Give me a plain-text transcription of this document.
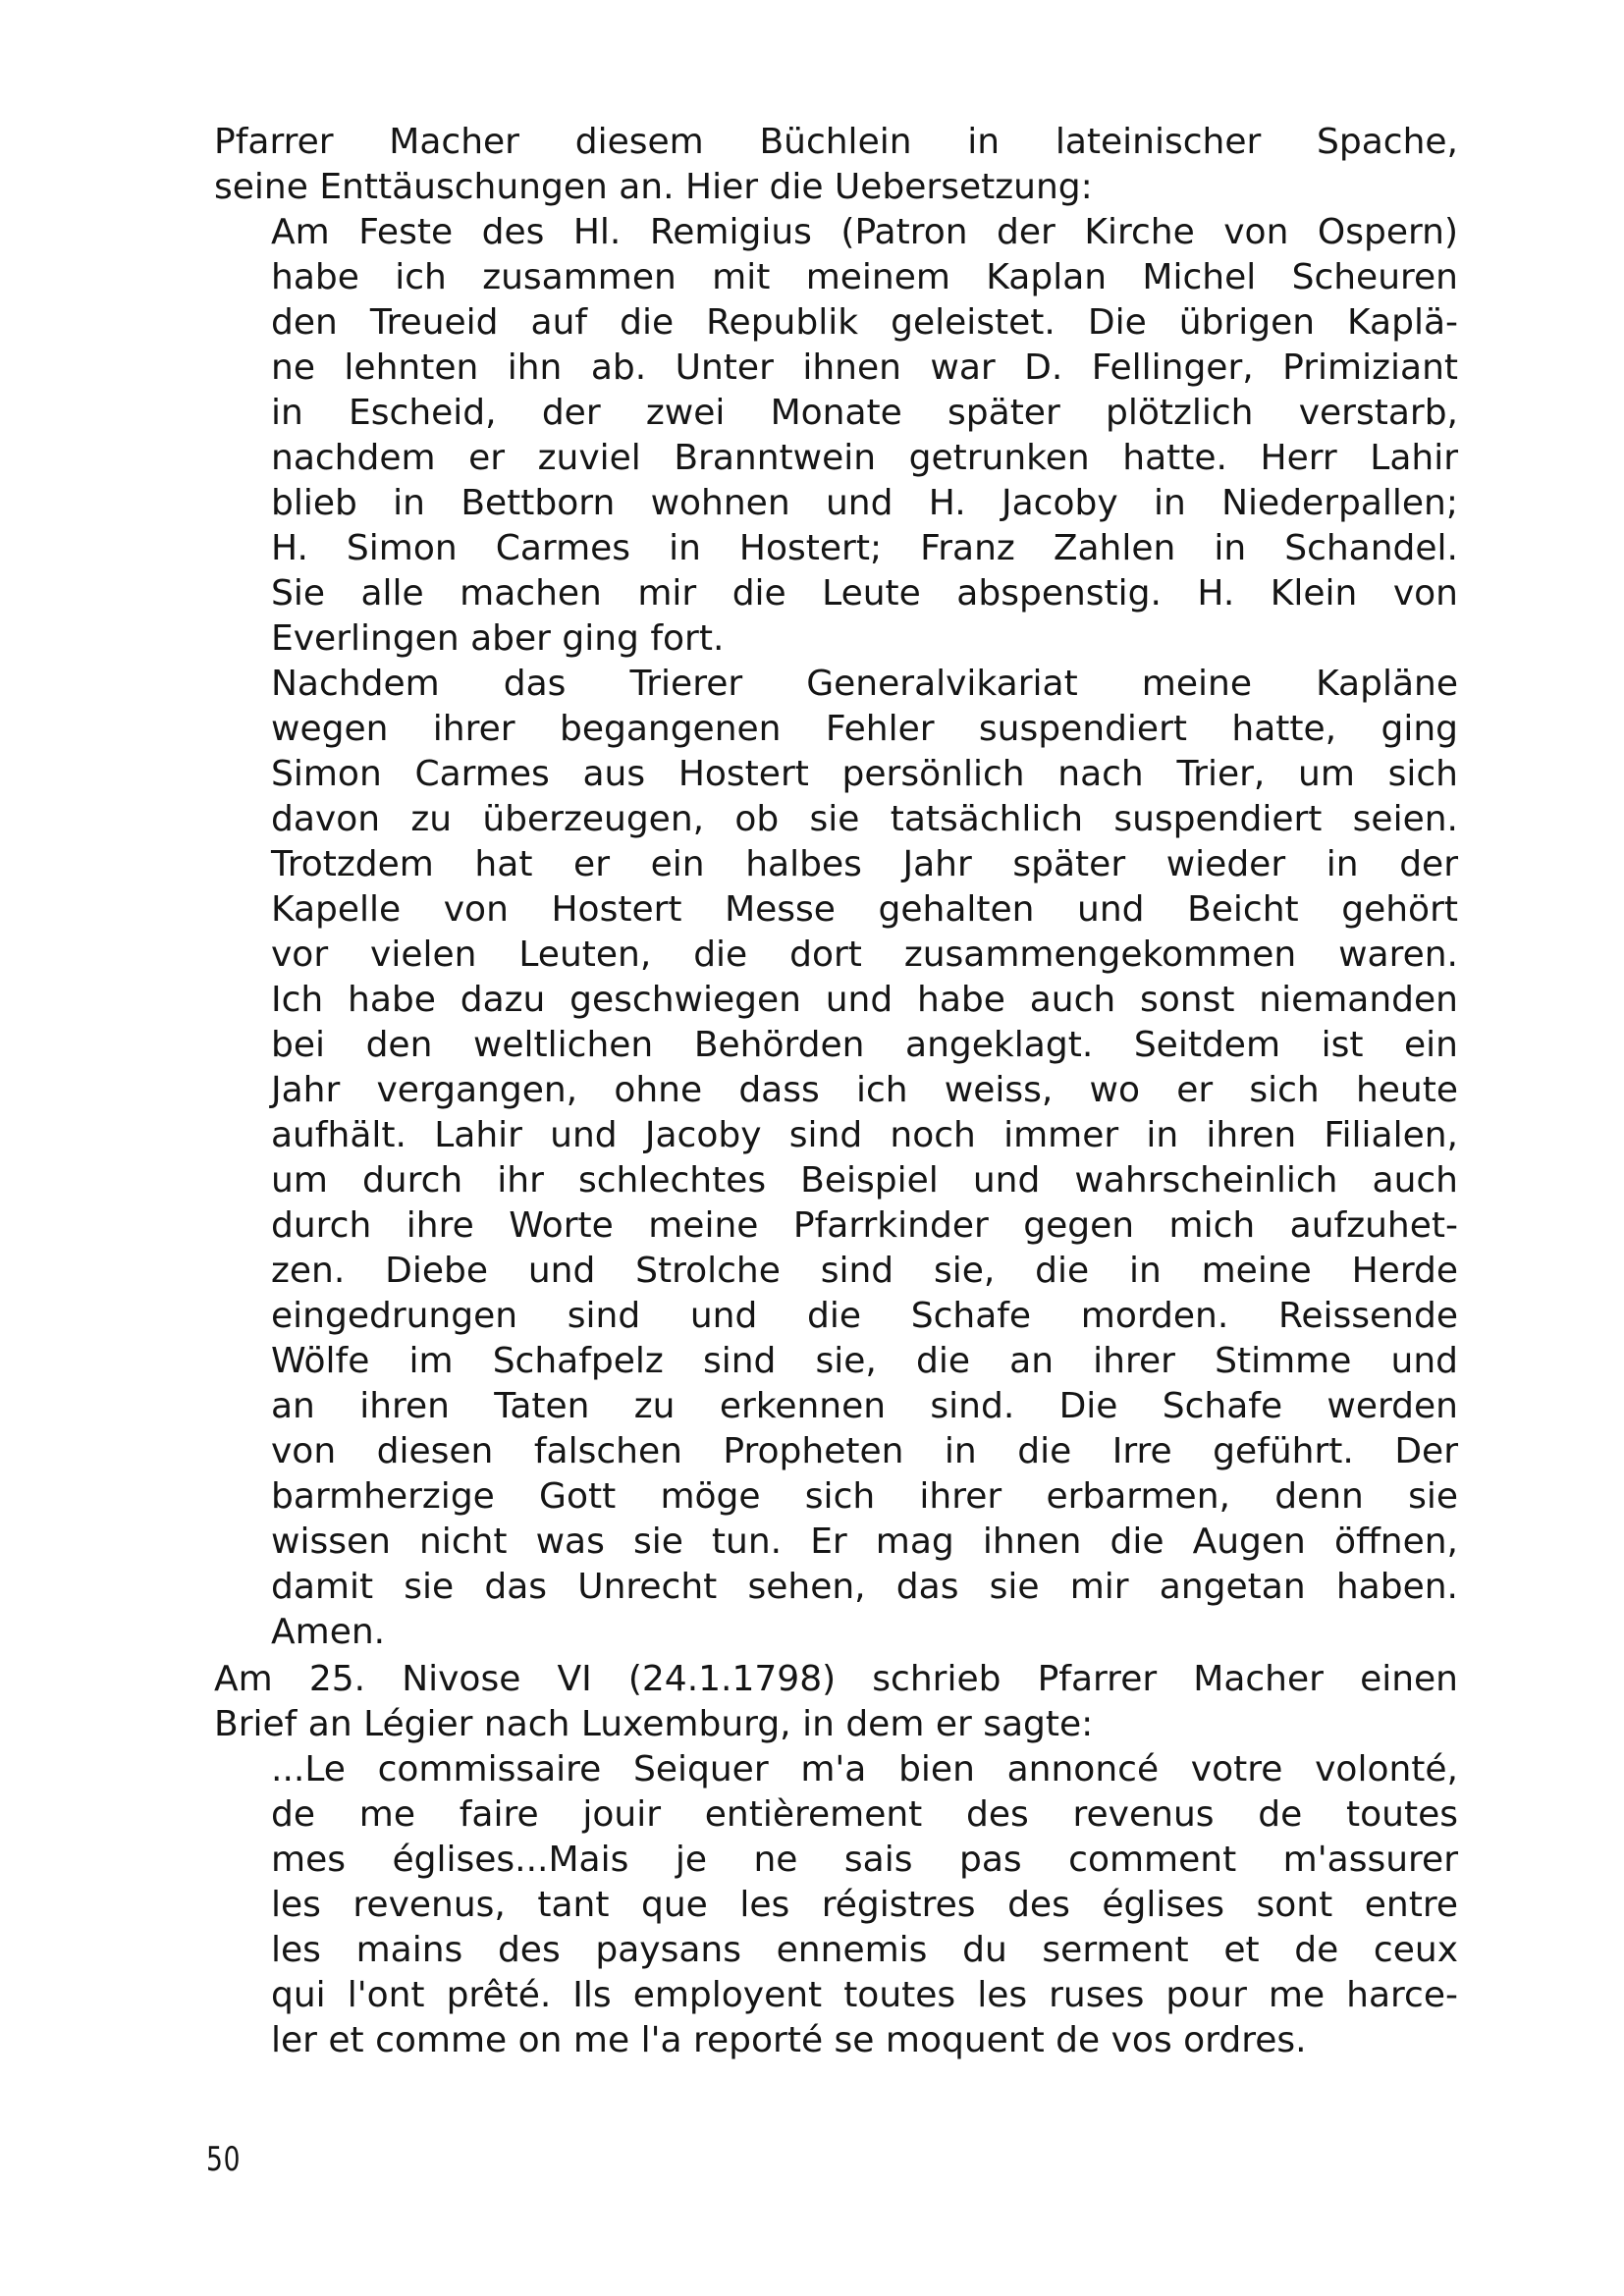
Pfarrer Macher diesem Büchlein in lateinischer Spache,
seine Enttäuschungen an. Hier die Uebersetzung:
Am Feste des Hl. Remigius (Patron der Kirche von Ospern)
habe ich zusammen mit meinem Kaplan Michel Scheuren
den Treueid auf die Republik geleistet. Die übrigen Kaplä-
ne lehnten ihn ab. Unter ihnen war D. Fellinger, Primiziant
in Escheid, der zwei Monate später plötzlich verstarb,
nachdem er zuviel Branntwein getrunken hatte. Herr Lahir
blieb in Bettborn wohnen und H. Jacoby in Niederpallen;
H. Simon Carmes in Hostert; Franz Zahlen in Schandel.
Sie alle machen mir die Leute abspenstig. H. Klein von
Everlingen aber ging fort.
Nachdem das Trierer Generalvikariat meine Kapläne
wegen ihrer begangenen Fehler suspendiert hatte, ging
Simon Carmes aus Hostert persönlich nach Trier, um sich
davon zu überzeugen, ob sie tatsächlich suspendiert seien.
Trotzdem hat er ein halbes Jahr später wieder in der
Kapelle von Hostert Messe gehalten und Beicht gehört
vor vielen Leuten, die dort zusammengekommen waren.
Ich habe dazu geschwiegen und habe auch sonst niemanden
bei den weltlichen Behörden angeklagt. Seitdem ist ein
Jahr vergangen, ohne dass ich weiss, wo er sich heute
aufhält. Lahir und Jacoby sind noch immer in ihren Filialen,
um durch ihr schlechtes Beispiel und wahrscheinlich auch
durch ihre Worte meine Pfarrkinder gegen mich aufzuhet-
zen. Diebe und Strolche sind sie, die in meine Herde
eingedrungen sind und die Schafe morden. Reissende
Wölfe im Schafpelz sind sie, die an ihrer Stimme und
an ihren Taten zu erkennen sind. Die Schafe werden
von diesen falschen Propheten in die Irre geführt. Der
barmherzige Gott möge sich ihrer erbarmen, denn sie
wissen nicht was sie tun. Er mag ihnen die Augen öffnen,
damit sie das Unrecht sehen, das sie mir angetan haben.
Amen.
Am 25. Nivose VI (24.1.1798) schrieb Pfarrer Macher einen
Brief an Légier nach Luxemburg, in dem er sagte:
...Le commissaire Seiquer m'a bien annoncé votre volonté,
de me faire jouir entièrement des revenus de toutes
mes églises...Mais je ne sais pas comment m'assurer
les revenus, tant que les régistres des églises sont entre
les mains des paysans ennemis du serment et de ceux
qui l'ont prêté. Ils employent toutes les ruses pour me harce-
ler et comme on me l'a reporté se moquent de vos ordres.
50
